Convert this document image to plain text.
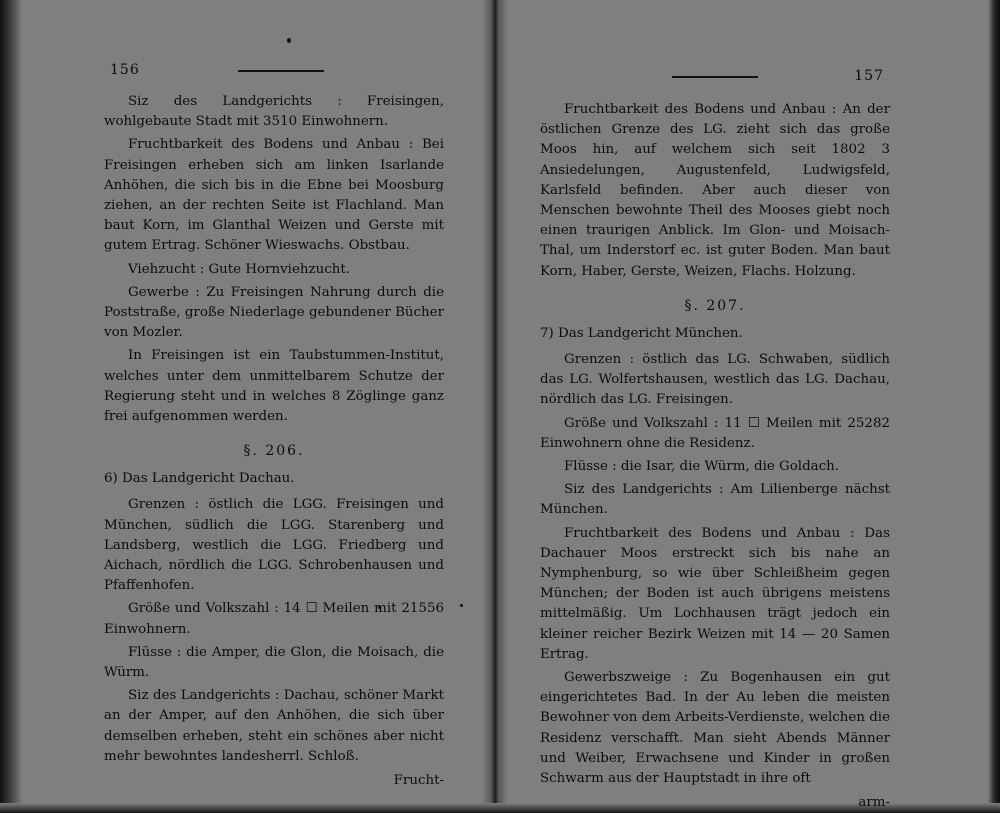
156

Siz des Landgerichts : Freisingen, wohlgebaute Stadt mit 3510 Einwohnern.

Fruchtbarkeit des Bodens und Anbau : Bei Freisingen erheben sich am linken Isarlande Anhöhen, die sich bis in die Ebne bei Moosburg ziehen, an der rechten Seite ist Flachland. Man baut Korn, im Glanthal Weizen und Gerste mit gutem Ertrag. Schöner Wieswachs. Obstbau.

Viehzucht : Gute Hornviehzucht.

Gewerbe : Zu Freisingen Nahrung durch die Poststraße, große Niederlage gebundener Bücher von Mozler.

In Freisingen ist ein Taubstummen-Institut, welches unter dem unmittelbarem Schutze der Regierung steht und in welches 8 Zöglinge ganz frei aufgenommen werden.

§. 206.
6) Das Landgericht Dachau.

Grenzen : östlich die LGG. Freisingen und München, südlich die LGG. Starenberg und Landsberg, westlich die LGG. Friedberg und Aichach, nördlich die LGG. Schrobenhausen und Pfaffenhofen.

Größe und Volkszahl : 14 ☐ Meilen mit 21556 Einwohnern.

Flüsse : die Amper, die Glon, die Moisach, die Würm.

Siz des Landgerichts : Dachau, schöner Markt an der Amper, auf den Anhöhen, die sich über demselben erheben, steht ein schönes aber nicht mehr bewohntes landesherrl. Schloß.

Frucht-
157

Fruchtbarkeit des Bodens und Anbau : An der östlichen Grenze des LG. zieht sich das große Moos hin, auf welchem sich seit 1802 3 Ansiedelungen, Augustenfeld, Ludwigsfeld, Karlsfeld befinden. Aber auch dieser von Menschen bewohnte Theil des Mooses giebt noch einen traurigen Anblick. Im Glon- und Moisach-Thal, um Inderstorf ec. ist guter Boden. Man baut Korn, Haber, Gerste, Weizen, Flachs. Holzung.

§. 207.
7) Das Landgericht München.

Grenzen : östlich das LG. Schwaben, südlich das LG. Wolfertshausen, westlich das LG. Dachau, nördlich das LG. Freisingen.

Größe und Volkszahl : 11 ☐ Meilen mit 25282 Einwohnern ohne die Residenz.

Flüsse : die Isar, die Würm, die Goldach.

Siz des Landgerichts : Am Lilienberge nächst München.

Fruchtbarkeit des Bodens und Anbau : Das Dachauer Moos erstreckt sich bis nahe an Nymphenburg, so wie über Schleißheim gegen München; der Boden ist auch übrigens meistens mittelmäßig. Um Lochhausen trägt jedoch ein kleiner reicher Bezirk Weizen mit 14 — 20 Samen Ertrag.

Gewerbszweige : Zu Bogenhausen ein gut eingerichtetes Bad. In der Au leben die meisten Bewohner von dem Arbeits-Verdienste, welchen die Residenz verschafft. Man sieht Abends Männer und Weiber, Erwachsene und Kinder in großen Schwarm aus der Hauptstadt in ihre oft

arm-
